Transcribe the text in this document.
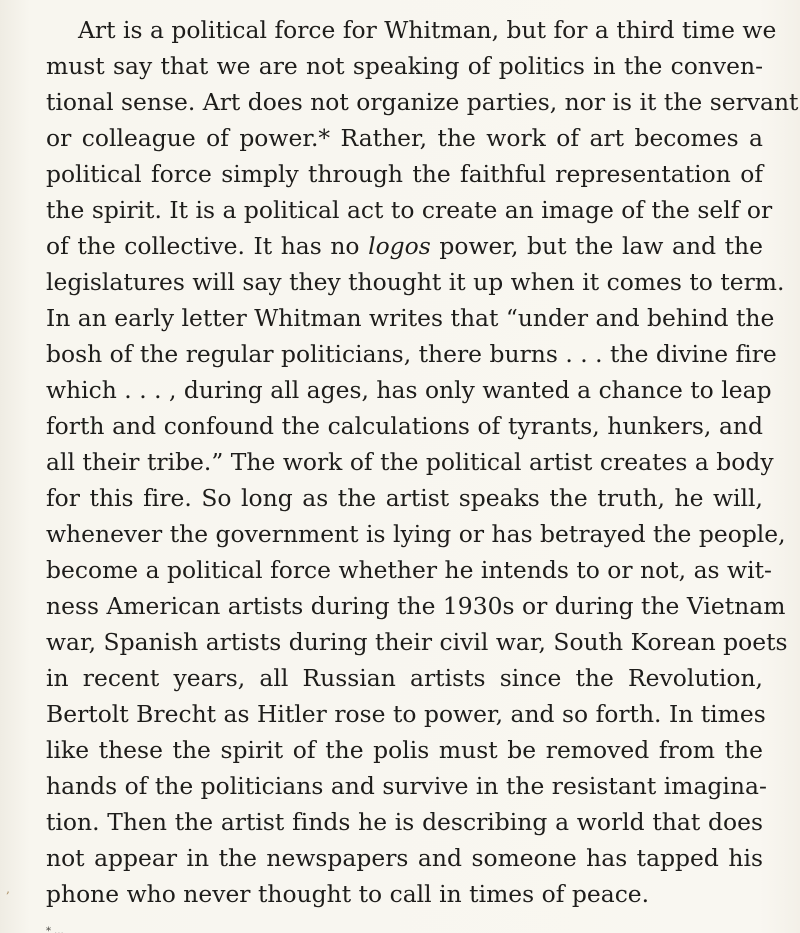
Art is a political force for Whitman, but for a third time we
must say that we are not speaking of politics in the conven-
tional sense. Art does not organize parties, nor is it the servant
or colleague of power.* Rather, the work of art becomes a
political force simply through the faithful representation of
the spirit. It is a political act to create an image of the self or
of the collective. It has no logos power, but the law and the
legislatures will say they thought it up when it comes to term.
In an early letter Whitman writes that “under and behind the
bosh of the regular politicians, there burns . . . the divine fire
which . . . , during all ages, has only wanted a chance to leap
forth and confound the calculations of tyrants, hunkers, and
all their tribe.” The work of the political artist creates a body
for this fire. So long as the artist speaks the truth, he will,
whenever the government is lying or has betrayed the people,
become a political force whether he intends to or not, as wit-
ness American artists during the 1930s or during the Vietnam
war, Spanish artists during their civil war, South Korean poets
in recent years, all Russian artists since the Revolution,
Bertolt Brecht as Hitler rose to power, and so forth. In times
like these the spirit of the polis must be removed from the
hands of the politicians and survive in the resistant imagina-
tion. Then the artist finds he is describing a world that does
not appear in the newspapers and someone has tapped his
phone who never thought to call in times of peace.
‚
* ...
